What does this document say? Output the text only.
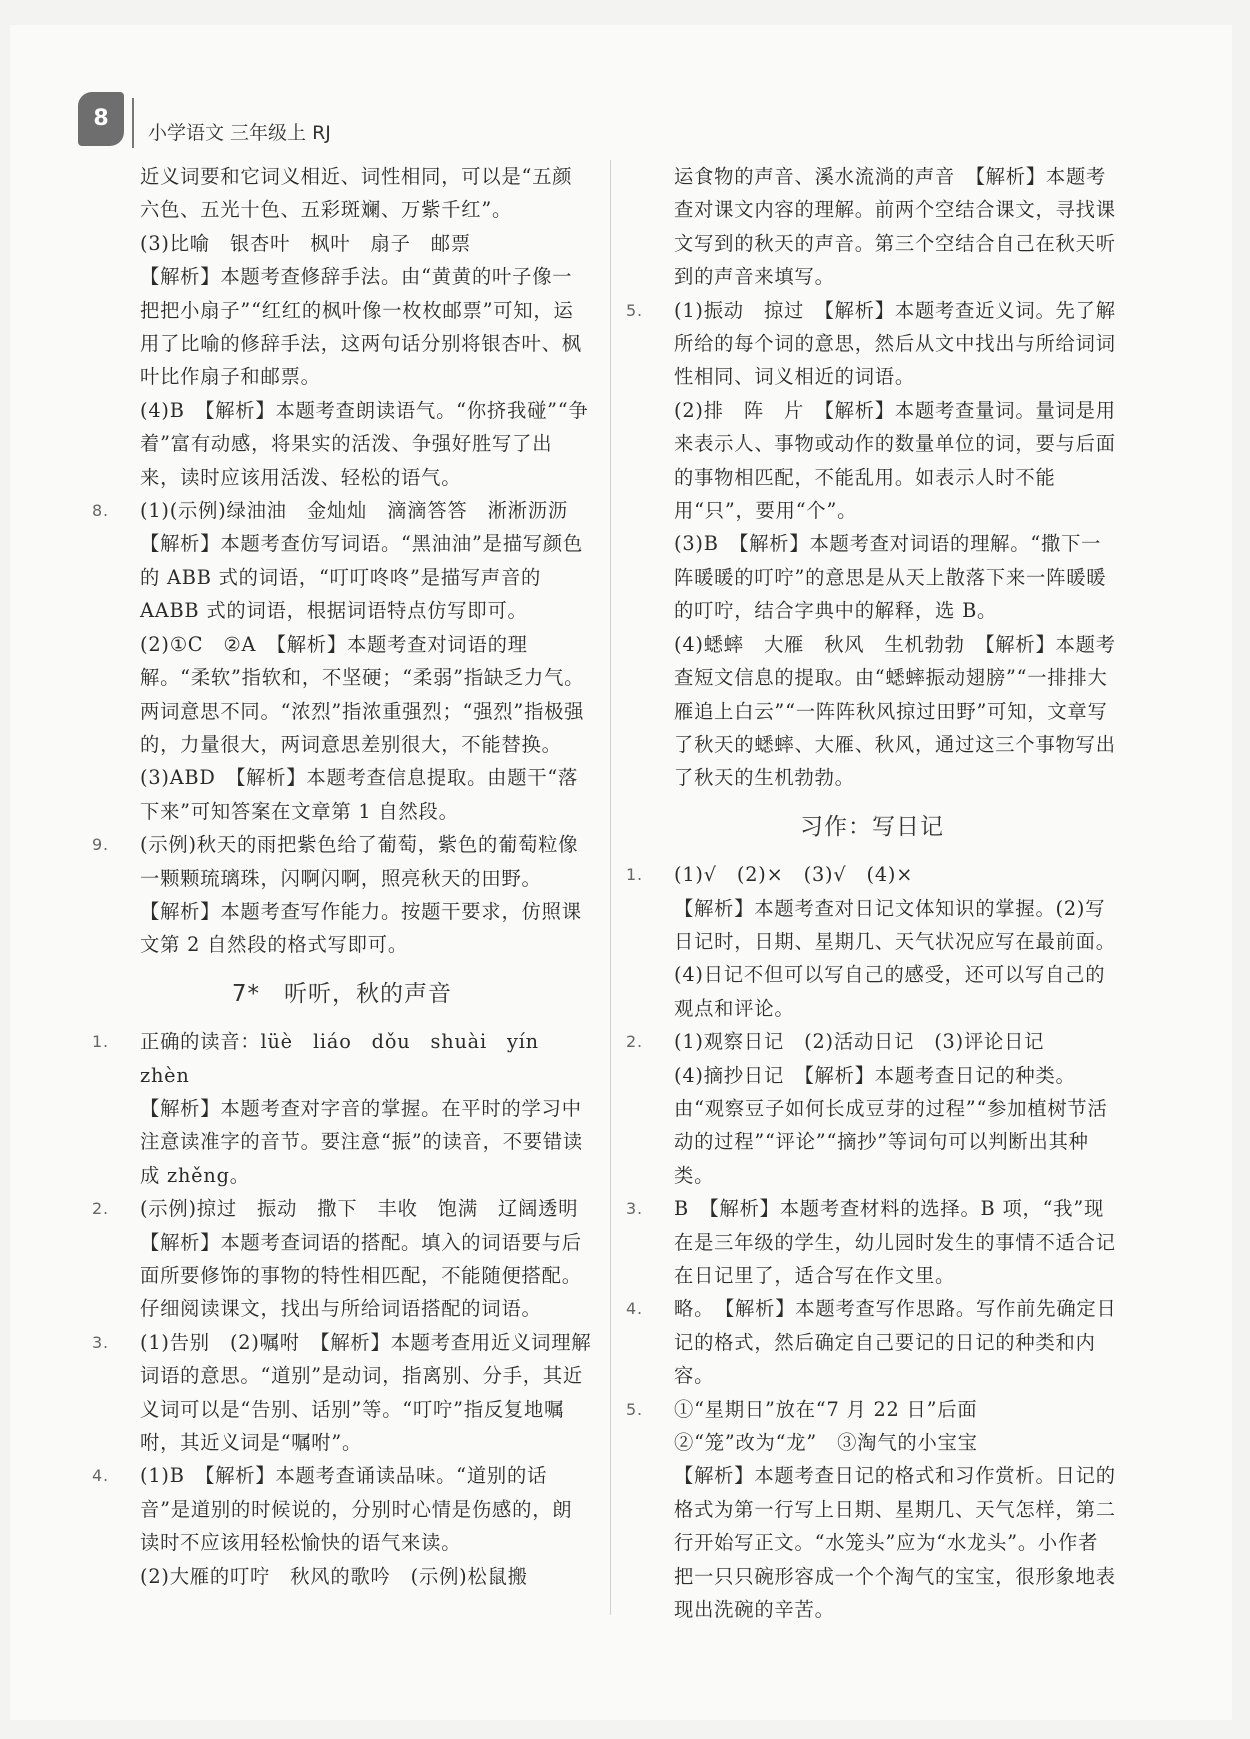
8
小学语文 三年级上 RJ

近义词要和它词义相近、词性相同，可以是“五颜六色、五光十色、五彩斑斓、万紫千红”。

(3)比喻　银杏叶　枫叶　扇子　邮票

【解析】本题考查修辞手法。由“黄黄的叶子像一把把小扇子”“红红的枫叶像一枚枚邮票”可知，运用了比喻的修辞手法，这两句话分别将银杏叶、枫叶比作扇子和邮票。

(4)B　【解析】本题考查朗读语气。“你挤我碰”“争着”富有动感，将果实的活泼、争强好胜写了出来，读时应该用活泼、轻松的语气。

8.	(1)(示例)绿油油　金灿灿　滴滴答答　淅淅沥沥

【解析】本题考查仿写词语。“黑油油”是描写颜色的 ABB 式的词语，“叮叮咚咚”是描写声音的 AABB 式的词语，根据词语特点仿写即可。

(2)①C　②A　【解析】本题考查对词语的理解。“柔软”指软和，不坚硬；“柔弱”指缺乏力气。两词意思不同。“浓烈”指浓重强烈；“强烈”指极强的，力量很大，两词意思差别很大，不能替换。

(3)ABD　【解析】本题考查信息提取。由题干“落下来”可知答案在文章第 1 自然段。

9.	(示例)秋天的雨把紫色给了葡萄，紫色的葡萄粒像一颗颗琉璃珠，闪啊闪啊，照亮秋天的田野。

【解析】本题考查写作能力。按题干要求，仿照课文第 2 自然段的格式写即可。

7*　听听，秋的声音
1.	正确的读音：lüè　liáo　dǒu　shuài　yín　zhèn

【解析】本题考查对字音的掌握。在平时的学习中注意读准字的音节。要注意“振”的读音，不要错读成 zhěng。

2.	(示例)掠过　振动　撒下　丰收　饱满　辽阔透明

【解析】本题考查词语的搭配。填入的词语要与后面所要修饰的事物的特性相匹配，不能随便搭配。仔细阅读课文，找出与所给词语搭配的词语。

3.	(1)告别　(2)嘱咐　【解析】本题考查用近义词理解词语的意思。“道别”是动词，指离别、分手，其近义词可以是“告别、话别”等。“叮咛”指反复地嘱咐，其近义词是“嘱咐”。

4.	(1)B　【解析】本题考查诵读品味。“道别的话音”是道别的时候说的，分别时心情是伤感的，朗读时不应该用轻松愉快的语气来读。

(2)大雁的叮咛　秋风的歌吟　(示例)松鼠搬

运食物的声音、溪水流淌的声音　【解析】本题考查对课文内容的理解。前两个空结合课文，寻找课文写到的秋天的声音。第三个空结合自己在秋天听到的声音来填写。

5.	(1)振动　掠过　【解析】本题考查近义词。先了解所给的每个词的意思，然后从文中找出与所给词词性相同、词义相近的词语。

(2)排　阵　片　【解析】本题考查量词。量词是用来表示人、事物或动作的数量单位的词，要与后面的事物相匹配，不能乱用。如表示人时不能用“只”，要用“个”。

(3)B　【解析】本题考查对词语的理解。“撒下一阵暖暖的叮咛”的意思是从天上散落下来一阵暖暖的叮咛，结合字典中的解释，选 B。

(4)蟋蟀　大雁　秋风　生机勃勃　【解析】本题考查短文信息的提取。由“蟋蟀振动翅膀”“一排排大雁追上白云”“一阵阵秋风掠过田野”可知，文章写了秋天的蟋蟀、大雁、秋风，通过这三个事物写出了秋天的生机勃勃。

习作：写日记
1.	(1)√　(2)×　(3)√　(4)×

【解析】本题考查对日记文体知识的掌握。(2)写日记时，日期、星期几、天气状况应写在最前面。(4)日记不但可以写自己的感受，还可以写自己的观点和评论。

2.	(1)观察日记　(2)活动日记　(3)评论日记

(4)摘抄日记　【解析】本题考查日记的种类。由“观察豆子如何长成豆芽的过程”“参加植树节活动的过程”“评论”“摘抄”等词句可以判断出其种类。

3.	B　【解析】本题考查材料的选择。B 项，“我”现在是三年级的学生，幼儿园时发生的事情不适合记在日记里了，适合写在作文里。

4.	略。　【解析】本题考查写作思路。写作前先确定日记的格式，然后确定自己要记的日记的种类和内容。

5.	①“星期日”放在“7 月 22 日”后面

②“笼”改为“龙”　③淘气的小宝宝

【解析】本题考查日记的格式和习作赏析。日记的格式为第一行写上日期、星期几、天气怎样，第二行开始写正文。“水笼头”应为“水龙头”。小作者把一只只碗形容成一个个淘气的宝宝，很形象地表现出洗碗的辛苦。
